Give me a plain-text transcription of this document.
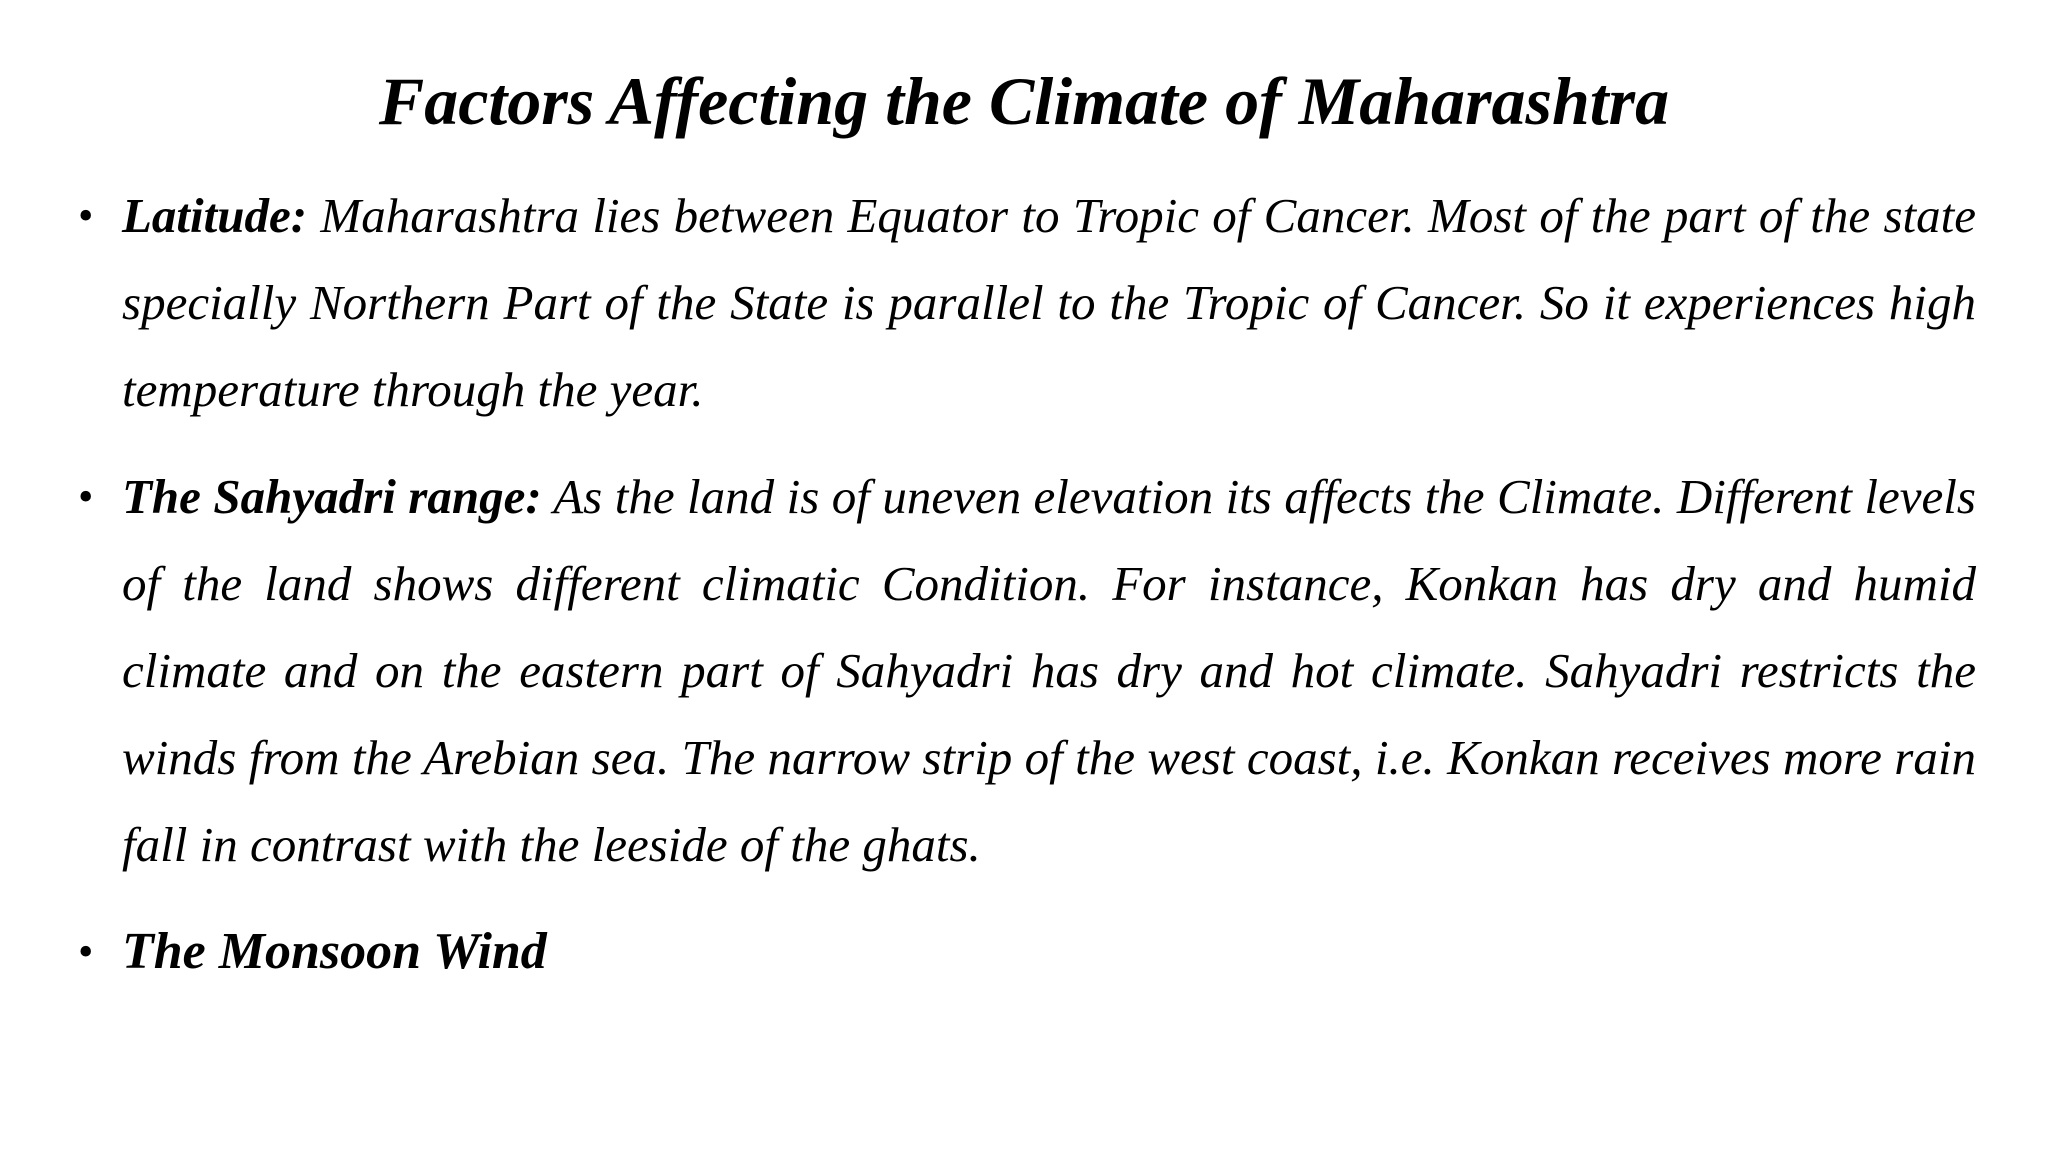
Factors Affecting the Climate of Maharashtra
• Latitude: Maharashtra lies between Equator to Tropic of Cancer. Most of the part of the state specially Northern Part of the State is parallel to the Tropic of Cancer. So it experiences high temperature through the year.
• The Sahyadri range: As the land is of uneven elevation its affects the Climate. Different levels of the land shows different climatic Condition. For instance, Konkan has dry and humid climate and on the eastern part of Sahyadri has dry and hot climate. Sahyadri restricts the winds from the Arebian sea. The narrow strip of the west coast, i.e. Konkan receives more rain fall in contrast with the leeside of the ghats.
• The Monsoon Wind
